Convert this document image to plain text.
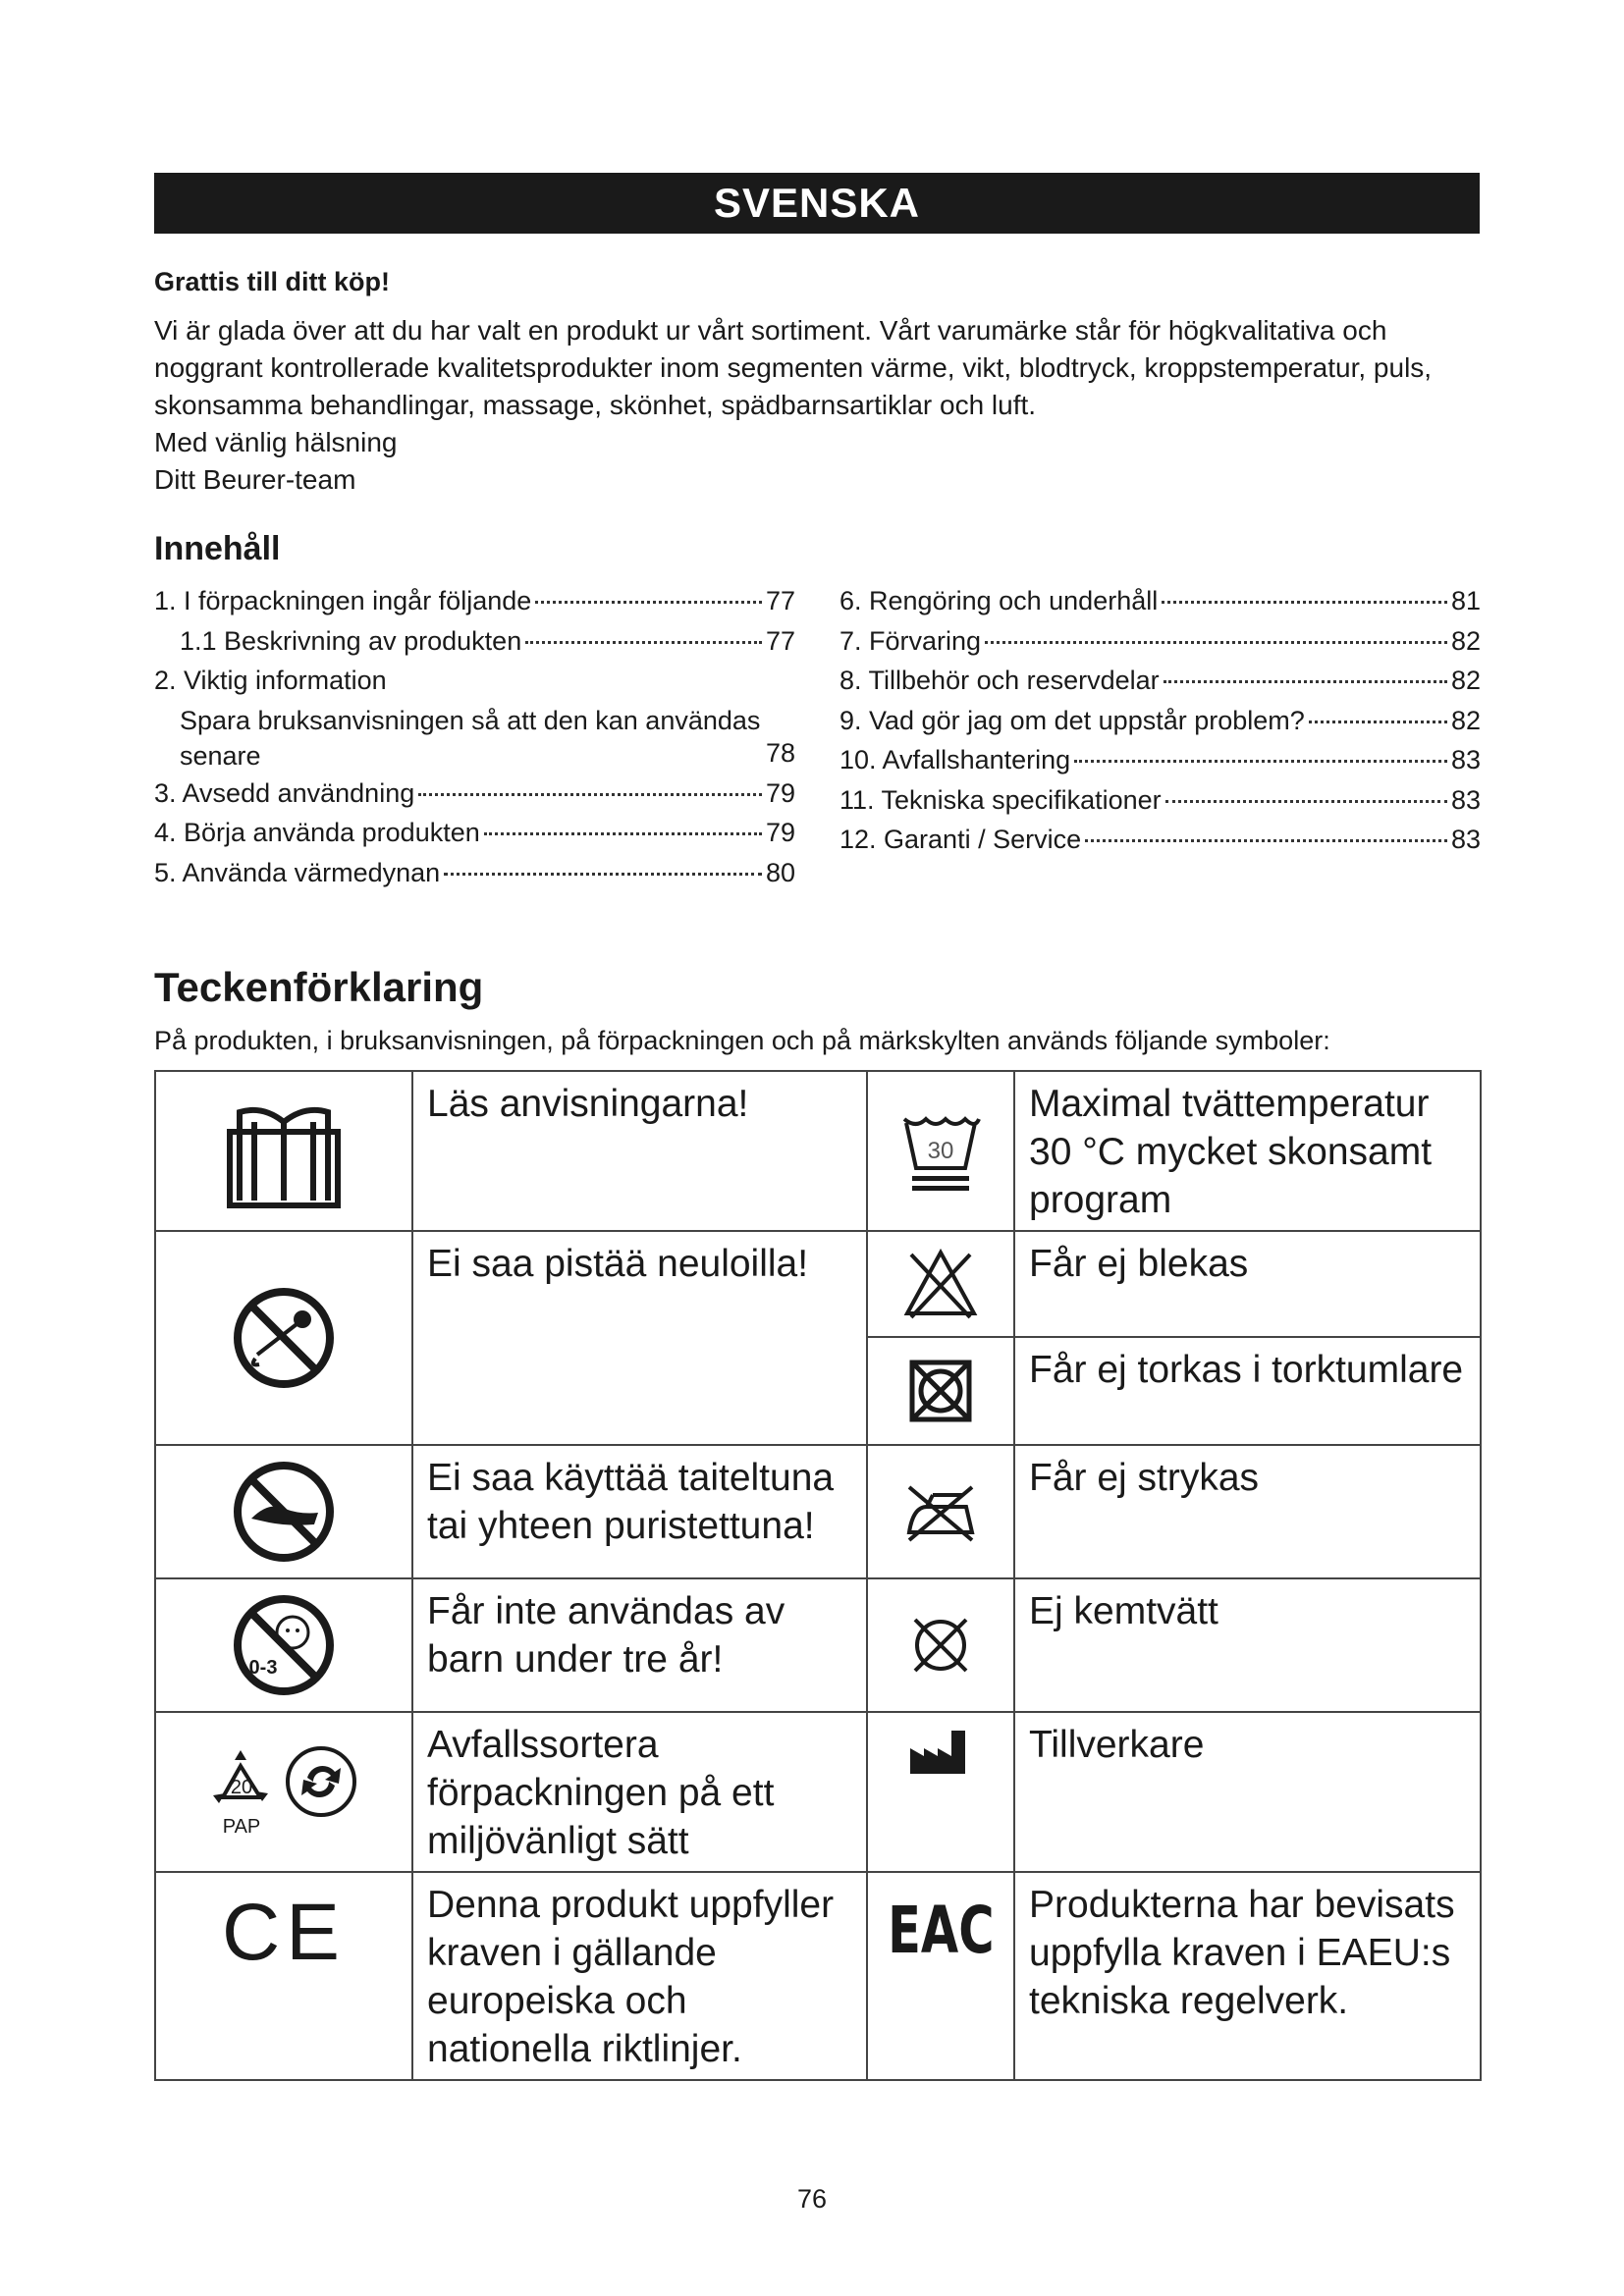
SVENSKA
Grattis till ditt köp!

Vi är glada över att du har valt en produkt ur vårt sortiment. Vårt varumärke står för högkvalitativa och noggrant kontrollerade kvalitetsprodukter inom segmenten värme, vikt, blodtryck, kroppstemperatur, puls, skonsamma behandlingar, massage, skönhet, spädbarnsartiklar och luft.

Med vänlig hälsning

Ditt Beurer-team

Innehåll
1. I förpackningen ingår följande	77
1.1 Beskrivning av produkten	77
2. Viktig information
Spara bruksanvisningen så att den kan användas senare	78
3. Avsedd användning	79
4. Börja använda produkten	79
5. Använda värmedynan	80
6. Rengöring och underhåll	81
7. Förvaring	82
8. Tillbehör och reservdelar	82
9. Vad gör jag om det uppstår problem?	82
10. Avfallshantering	83
11. Tekniska specifikationer	83
12. Garanti / Service	83
Teckenförklaring
På produkten, i bruksanvisningen, på förpackningen och på märkskylten används följande symboler:
	Läs anvisningarna!	30	Maximal tvättemperatur 30 °C mycket skonsamt program

	Ei saa pistää neuloilla!		Får ej blekas

	Får ej torkas i torktumlare

	Ei saa käyttää taiteltuna tai yhteen puristettuna!		Får ej strykas

0-3	Får inte användas av barn under tre år!		Ej kemtvätt

20
PAP	Avfallssortera förpackningen på ett miljövänligt sätt		Tillverkare
CE	Denna produkt uppfyller kraven i gällande europeiska och nationella riktlinjer.	EAC	Produkterna har bevisats uppfylla kraven i EAEU:s tekniska regelverk.
76
